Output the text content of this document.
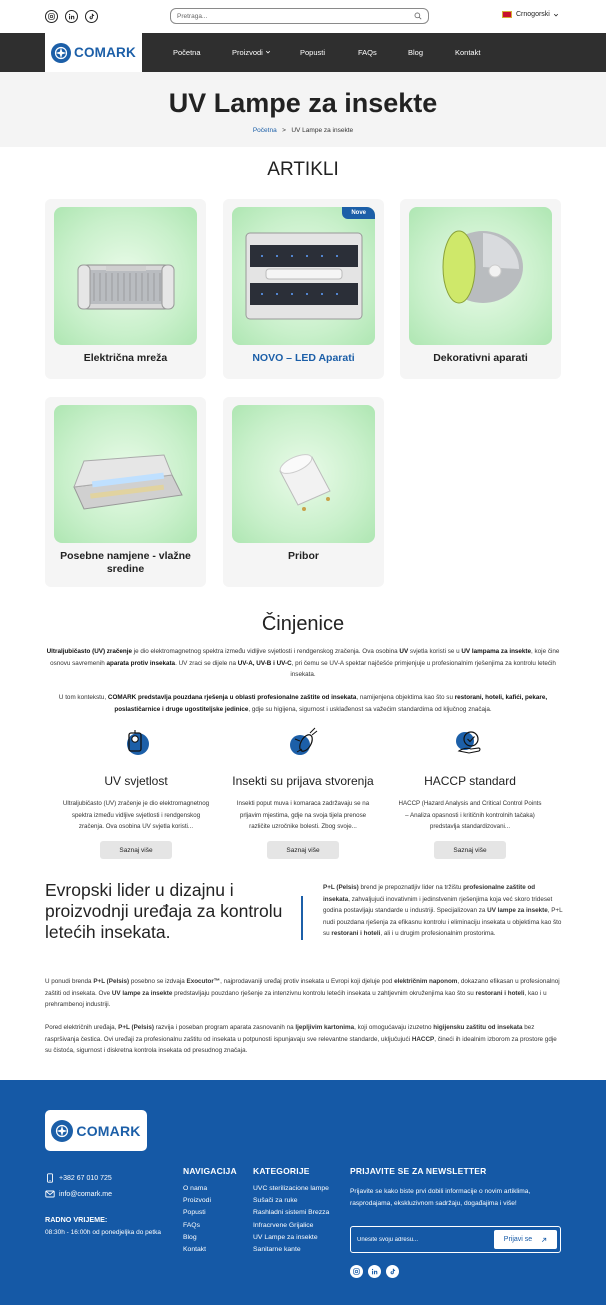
Pretraga...
Crnogorski
COMARK	Početna	Proizvodi	Popusti	FAQs	Blog	Kontakt
UV Lampe za insekte
Početna > UV Lampe za insekte
ARTIKLI
Električna mreža
Nove
NOVO – LED Aparati	Dekorativni aparati
Posebne namjene - vlažne sredine
Pribor
Činjenice
Ultraljubičasto (UV) zračenje je dio elektromagnetnog spektra između vidljive svjetlosti i rendgenskog zračenja. Ova osobina UV svjetla koristi se u UV lampama za insekte, koje čine osnovu savremenih aparata protiv insekata. UV zraci se dijele na UV-A, UV-B i UV-C, pri čemu se UV-A spektar najčešće primjenjuje u profesionalnim rješenjima za kontrolu letećih insekata.
U tom kontekstu, COMARK predstavlja pouzdana rješenja u oblasti profesionalne zaštite od insekata, namijenjena objektima kao što su restorani, hoteli, kafići, pekare, poslastičarnice i druge ugostiteljske jedinice, gdje su higijena, sigurnost i usklađenost sa važećim standardima od ključnog značaja.
UV svjetlost

Ultraljubičasto (UV) zračenje je dio elektromagnetnog spektra između vidljive svjetlosti i rendgenskog zračenja. Ova osobina UV svjetla koristi...

Saznaj više
Insekti su prijava stvorenja

Insekti poput muva i komaraca zadržavaju se na prljavim mjestima, gdje na svoja tijela prenose različite uzročnike bolesti. Zbog svoje...

Saznaj više
HACCP standard

HACCP (Hazard Analysis and Critical Control Points – Analiza opasnosti i kritičnih kontrolnih tačaka) predstavlja standardizovani...

Saznaj više
Evropski lider u dizajnu i proizvodnji uređaja za kontrolu letećih insekata.
P+L (Pelsis) brend je prepoznatljiv lider na tržištu profesionalne zaštite od insekata, zahvaljujući inovativnim i jedinstvenim rješenjima koja već skoro trideset godina postavljaju standarde u industriji. Specijalizovan za UV lampe za insekte, P+L nudi pouzdana rješenja za efikasnu kontrolu i eliminaciju insekata u objektima kao što su restorani i hoteli, ali i u drugim profesionalnim prostorima.
U ponudi brenda P+L (Pelsis) posebno se izdvaja Exocutor™, najprodavaniji uređaj protiv insekata u Evropi koji djeluje pod električnim naponom, dokazano efikasan u profesionalnoj zaštiti od insekata. Ove UV lampe za insekte predstavljaju pouzdano rješenje za intenzivnu kontrolu letećih insekata u zahtjevnim okruženjima kao što su restorani i hoteli, kao i u prehrambenoj industriji.
Pored električnih uređaja, P+L (Pelsis) razvija i poseban program aparata zasnovanih na ljepljivim kartonima, koji omogućavaju izuzetno higijensku zaštitu od insekata bez raspršivanja čestica. Ovi uređaji za profesionalnu zaštitu od insekata u potpunosti ispunjavaju sve relevantne standarde, uključujući HACCP, čineći ih idealnim izborom za prostore gdje su čistoća, sigurnost i diskretna kontrola insekata od presudnog značaja.
COMARK
+382 67 010 725
info@comark.me
RADNO VRIJEME:
08:30h - 16:00h od ponedjeljka do petka
NAVIGACIJA
O nama
Proizvodi
Popusti
FAQs
Blog
Kontakt
KATEGORIJE
UVC sterilizacione lampe
Sušači za ruke
Rashladni sistemi Brezza
Infracrvene Grijalice
UV Lampe za insekte
Sanitarne kante
PRIJAVITE SE ZA NEWSLETTER
Prijavite se kako biste prvi dobili informacije o novim artiklima, rasprodajama, ekskluzivnom sadržaju, događajima i više!
Unesite svoju adresu...
Prijavi se
